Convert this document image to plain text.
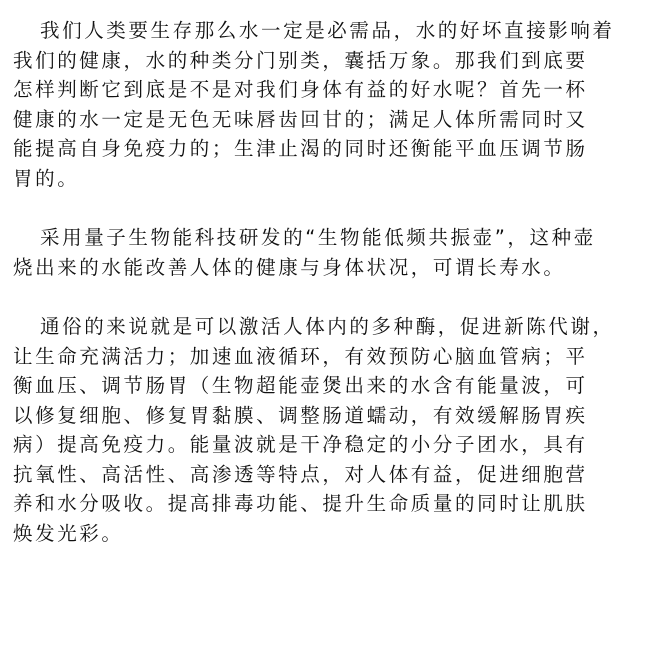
我们人类要生存那么水一定是必需品，水的好坏直接影响着
我们的健康，水的种类分门别类，囊括万象。那我们到底要
怎样判断它到底是不是对我们身体有益的好水呢？首先一杯
健康的水一定是无色无味唇齿回甘的；满足人体所需同时又
能提高自身免疫力的；生津止渴的同时还衡能平血压调节肠
胃的。

采用量子生物能科技研发的“生物能低频共振壶”，这种壶
烧出来的水能改善人体的健康与身体状况，可谓长寿水。

通俗的来说就是可以激活人体内的多种酶，促进新陈代谢，
让生命充满活力；加速血液循环，有效预防心脑血管病；平
衡血压、调节肠胃（生物超能壶煲出来的水含有能量波，可
以修复细胞、修复胃黏膜、调整肠道蠕动，有效缓解肠胃疾
病）提高免疫力。能量波就是干净稳定的小分子团水，具有
抗氧性、高活性、高渗透等特点，对人体有益，促进细胞营
养和水分吸收。提高排毒功能、提升生命质量的同时让肌肤
焕发光彩。
